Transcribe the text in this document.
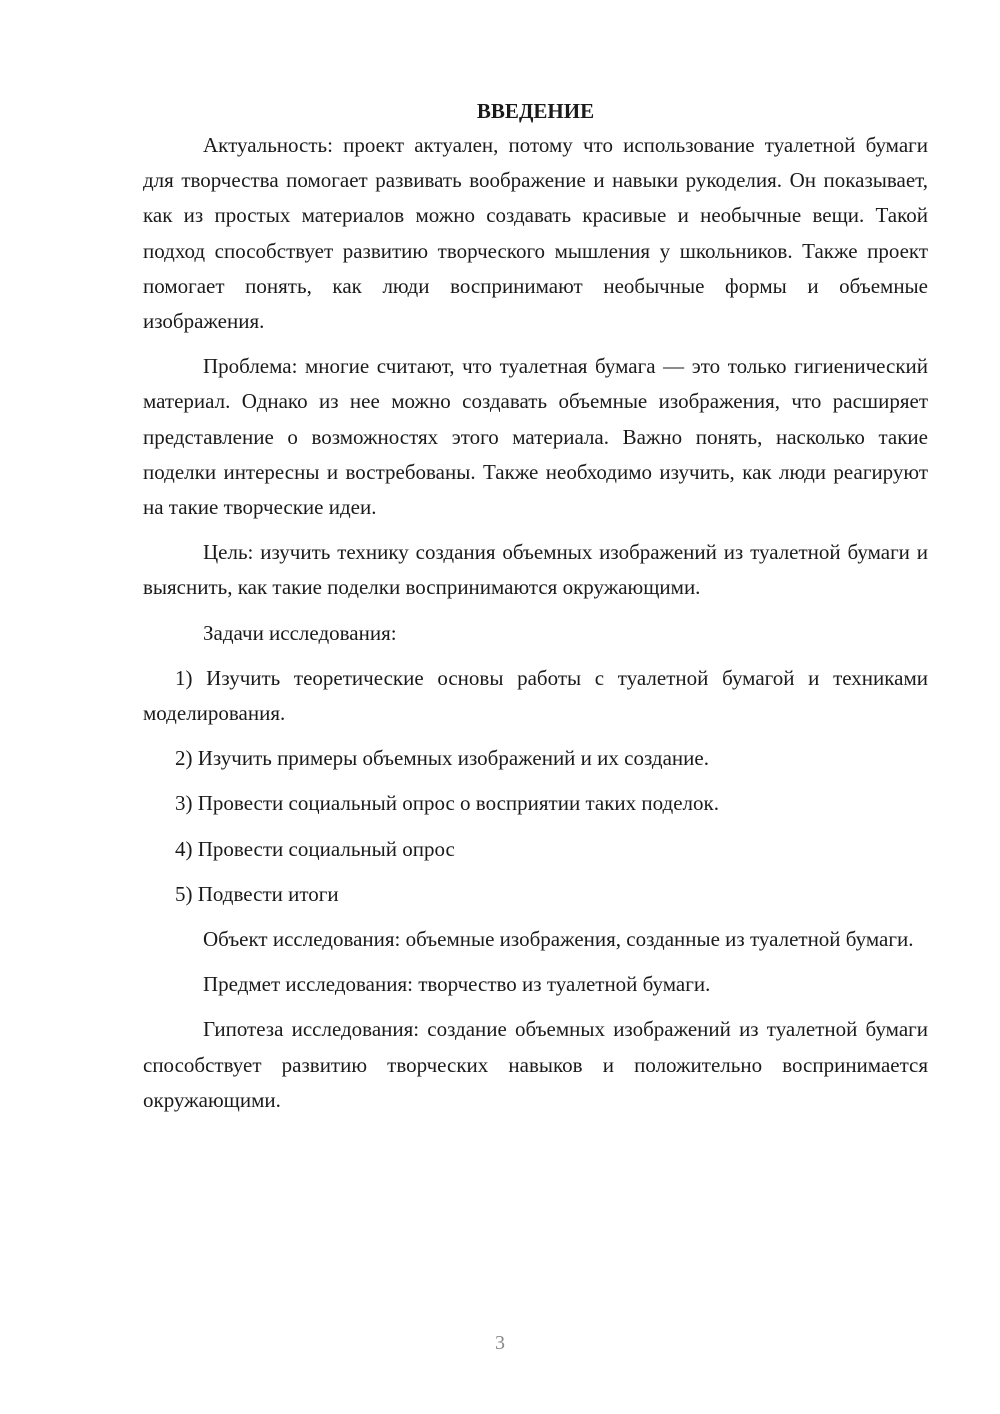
ВВЕДЕНИЕ

Актуальность: проект актуален, потому что использование туалетной бумаги для творчества помогает развивать воображение и навыки рукоделия. Он показывает, как из простых материалов можно создавать красивые и необычные вещи. Такой подход способствует развитию творческого мышления у школьников. Также проект помогает понять, как люди воспринимают необычные формы и объемные изображения.

Проблема: многие считают, что туалетная бумага — это только гигиенический материал. Однако из нее можно создавать объемные изображения, что расширяет представление о возможностях этого материала. Важно понять, насколько такие поделки интересны и востребованы. Также необходимо изучить, как люди реагируют на такие творческие идеи.

Цель: изучить технику создания объемных изображений из туалетной бумаги и выяснить, как такие поделки воспринимаются окружающими.

Задачи исследования:

1) Изучить теоретические основы работы с туалетной бумагой и техниками моделирования.
2) Изучить примеры объемных изображений и их создание.
3) Провести социальный опрос о восприятии таких поделок.
4) Провести социальный опрос
5) Подвести итоги

Объект исследования: объемные изображения, созданные из туалетной бумаги.

Предмет исследования: творчество из туалетной бумаги.

Гипотеза исследования: создание объемных изображений из туалетной бумаги способствует развитию творческих навыков и положительно воспринимается окружающими.

3
